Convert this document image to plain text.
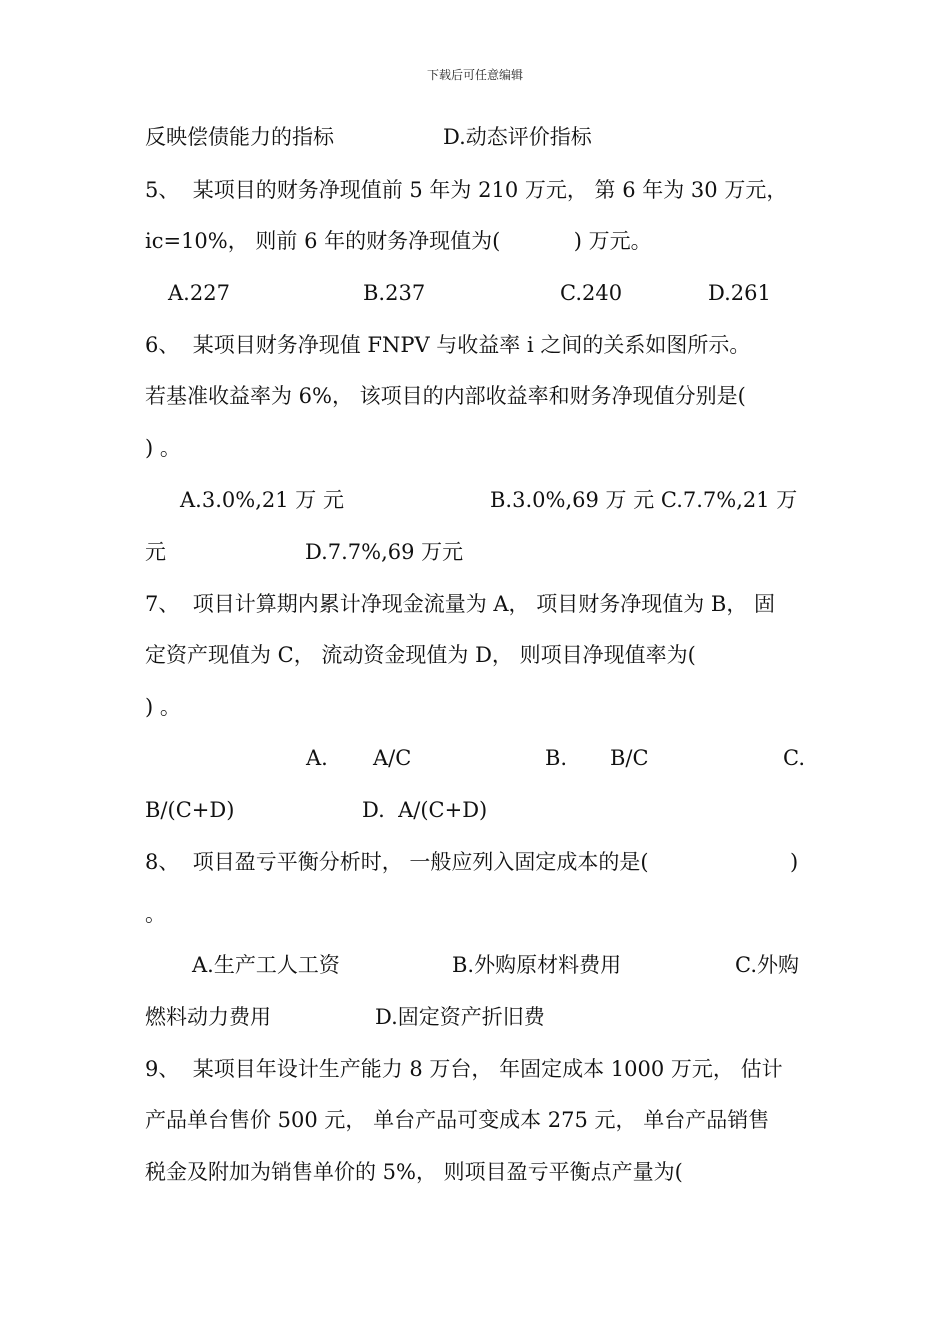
下载后可任意编辑
反映偿债能力的指标	D.动态评价指标
5、  某项目的财务净现值前 5 年为 210 万元， 第 6 年为 30 万元，
ic=10%， 则前 6 年的财务净现值为(           ) 万元。
A.227	B.237	C.240	D.261
6、  某项目财务净现值 FNPV 与收益率 i 之间的关系如图所示。
若基准收益率为 6%， 该项目的内部收益率和财务净现值分别是(
) 。
A.3.0%,21 万 元	B.3.0%,69 万 元 C.7.7%,21 万
元	D.7.7%,69 万元
7、  项目计算期内累计净现金流量为 A， 项目财务净现值为 B， 固
定资产现值为 C， 流动资金现值为 D， 则项目净现值率为(
) 。
A. A/C	B. B/C	C.
B/(C+D)	D.  A/(C+D)
8、  项目盈亏平衡分析时， 一般应列入固定成本的是(	)
。
A.生产工人工资	B.外购原材料费用	C.外购
燃料动力费用	D.固定资产折旧费
9、  某项目年设计生产能力 8 万台， 年固定成本 1000 万元， 估计
产品单台售价 500 元， 单台产品可变成本 275 元， 单台产品销售
税金及附加为销售单价的 5%， 则项目盈亏平衡点产量为(
